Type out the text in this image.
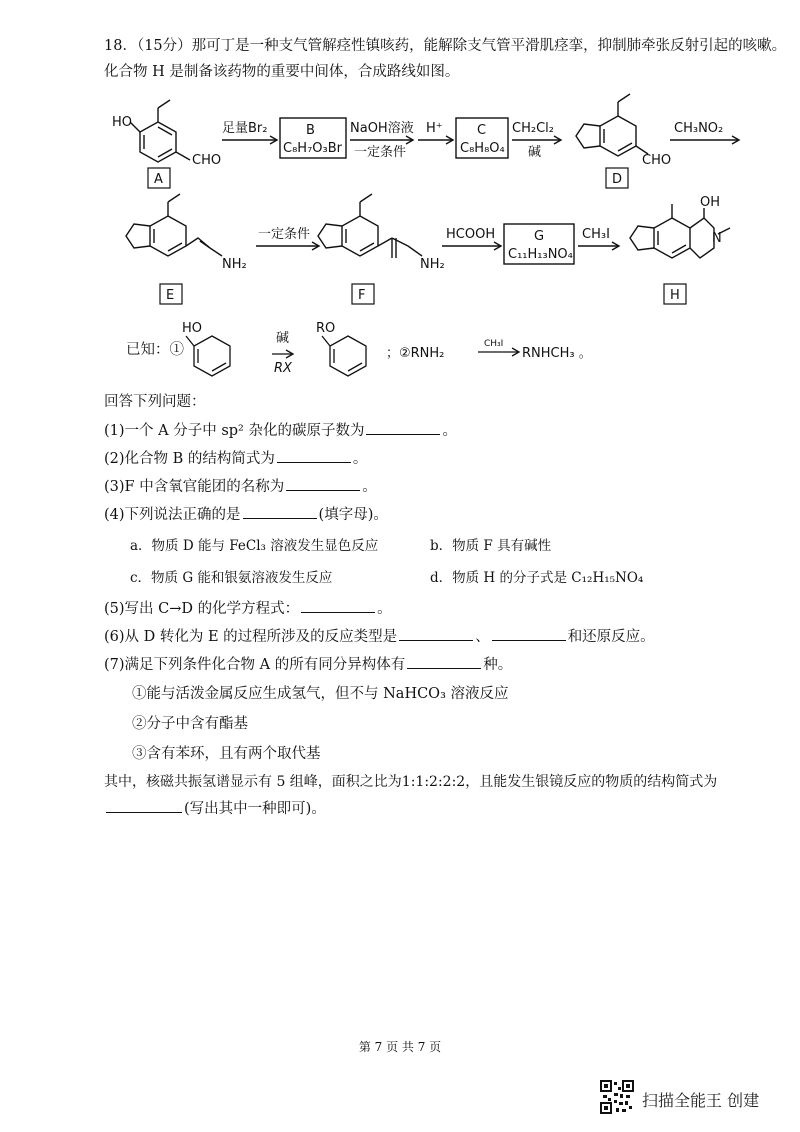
18．（15分）那可丁是一种支气管解痉性镇咳药，能解除支气管平滑肌痉挛，抑制肺牵张反射引起的咳嗽。
化合物 H 是制备该药物的重要中间体，合成路线如图。
HO
CHO
A
足量Br₂	B
C₈H₇O₃Br
NaOH溶液
一定条件
H⁺	C
C₈H₈O₄
CH₂Cl₂
碱
CHO
D
CH₃NO₂
NH₂
E
一定条件
NH₂
F
HCOOH	G
C₁₁H₁₃NO₄
CH₃I
OH
N
H
已知：①
HO
碱
RX
RO
；②RNH₂
CH₃I
RNHCH₃ 。
回答下列问题：
(1)一个 A 分子中 sp² 杂化的碳原子数为	。
(2)化合物 B 的结构简式为	。
(3)F 中含氧官能团的名称为	。
(4)下列说法正确的是	(填字母)。
a．物质 D 能与 FeCl₃ 溶液发生显色反应	b．物质 F 具有碱性
c．物质 G 能和银氨溶液发生反应	d．物质 H 的分子式是 C₁₂H₁₅NO₄
(5)写出 C→D 的化学方程式：	。
(6)从 D 转化为 E 的过程所涉及的反应类型是	、	和还原反应。
(7)满足下列条件化合物 A 的所有同分异构体有	种。
①能与活泼金属反应生成氢气，但不与 NaHCO₃ 溶液反应
②分子中含有酯基
③含有苯环，且有两个取代基
其中，核磁共振氢谱显示有 5 组峰，面积之比为1:1:2:2:2，且能发生银镜反应的物质的结构简式为
(写出其中一种即可)。
第 7 页 共 7 页
扫描全能王 创建
